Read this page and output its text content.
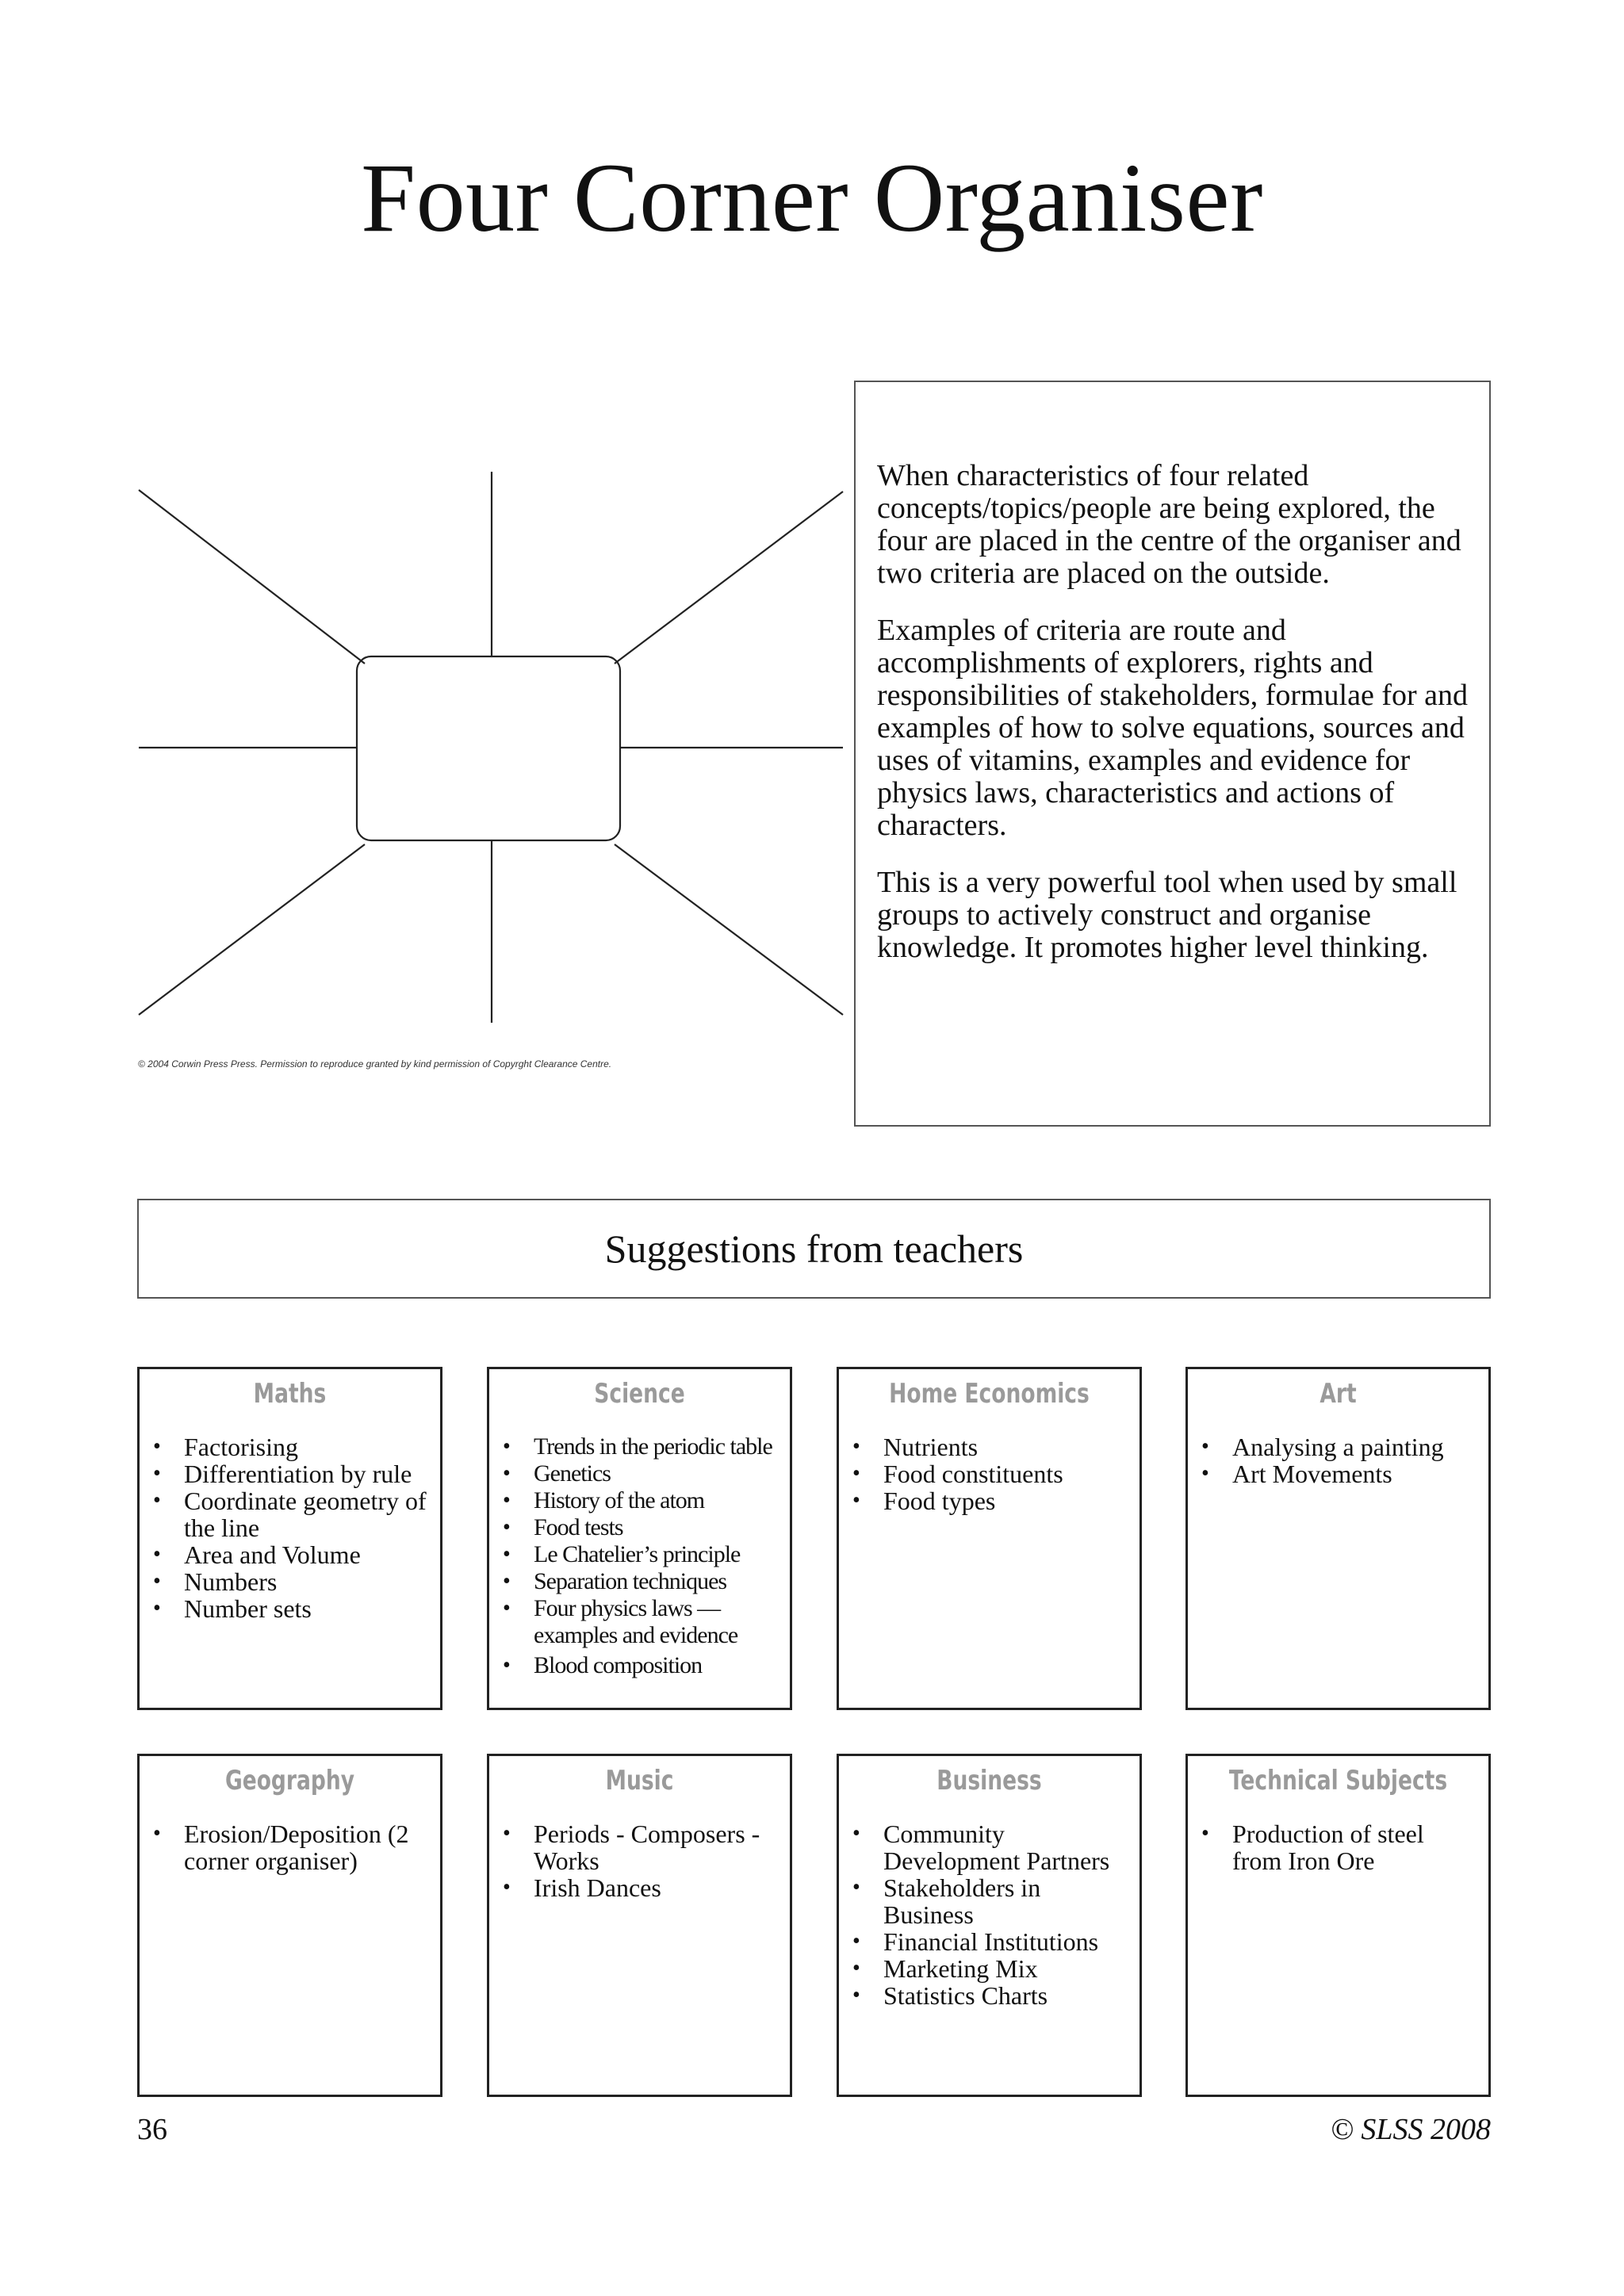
Four Corner Organiser
© 2004 Corwin Press Press. Permission to reproduce granted by kind permission of Copyrght Clearance Centre.

When characteristics of four related concepts/topics/people are being explored, the four are placed in the centre of the organiser and two criteria are placed on the outside.

Examples of criteria are route and accomplishments of explorers, rights and responsibilities of stakeholders, formulae for and examples of how to solve equations, sources and uses of vitamins, examples and evidence for physics laws, characteristics and actions of characters.

This is a very powerful tool when used by small groups to actively construct and organise knowledge. It promotes higher level thinking.

Suggestions from teachers
Maths
• Factorising
• Differentiation by rule
• Coordinate geometry of the line
• Area and Volume
• Numbers
• Number sets
Science
• Trends in the periodic table
• Genetics
• History of the atom
• Food tests
• Le Chatelier’s principle
• Separation techniques
• Four physics laws — examples and evidence
• Blood composition
Home Economics
• Nutrients
• Food constituents
• Food types
Art
• Analysing a painting
• Art Movements
Geography
• Erosion/Deposition (2 corner organiser)
Music
• Periods - Composers - Works
• Irish Dances
Business
• Community Development Partners
• Stakeholders in Business
• Financial Institutions
• Marketing Mix
• Statistics Charts
Technical Subjects
• Production of steel from Iron Ore
36	© SLSS 2008
